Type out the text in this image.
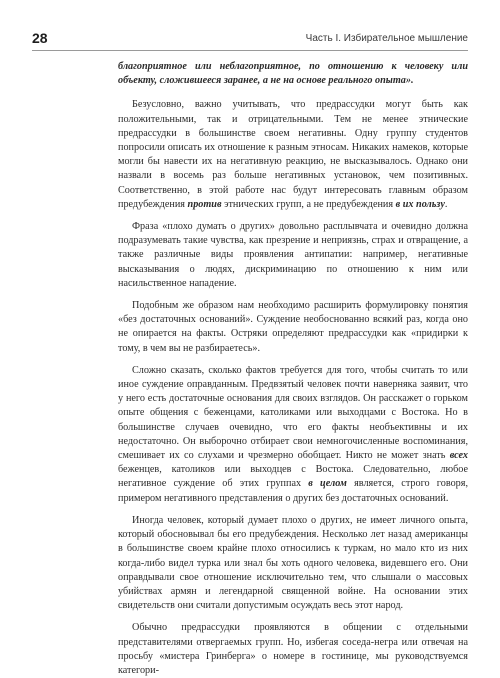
28	Часть I. Избирательное мышление

благоприятное или неблагоприятное, по отношению к человеку или объекту, сложившееся заранее, а не на основе реального опыта».

Безусловно, важно учитывать, что предрассудки могут быть как положительными, так и отрицательными. Тем не менее этнические предрассудки в большинстве своем негативны. Одну группу студентов попросили описать их отношение к разным этносам. Никаких намеков, которые могли бы навести их на негативную реакцию, не высказывалось. Однако они назвали в восемь раз больше негативных установок, чем позитивных. Соответственно, в этой работе нас будут интересовать главным образом предубеждения против этнических групп, а не предубеждения в их пользу.

Фраза «плохо думать о других» довольно расплывчата и очевидно должна подразумевать такие чувства, как презрение и неприязнь, страх и отвращение, а также различные виды проявления антипатии: например, негативные высказывания о людях, дискриминацию по отношению к ним или насильственное нападение.

Подобным же образом нам необходимо расширить формулировку понятия «без достаточных оснований». Суждение необоснованно всякий раз, когда оно не опирается на факты. Остряки определяют предрассудки как «придирки к тому, в чем вы не разбираетесь».

Сложно сказать, сколько фактов требуется для того, чтобы считать то или иное суждение оправданным. Предвзятый человек почти наверняка заявит, что у него есть достаточные основания для своих взглядов. Он расскажет о горьком опыте общения с беженцами, католиками или выходцами с Востока. Но в большинстве случаев очевидно, что его факты необъективны и их недостаточно. Он выборочно отбирает свои немногочисленные воспоминания, смешивает их со слухами и чрезмерно обобщает. Никто не может знать всех беженцев, католиков или выходцев с Востока. Следовательно, любое негативное суждение об этих группах в целом является, строго говоря, примером негативного представления о других без достаточных оснований.

Иногда человек, который думает плохо о других, не имеет личного опыта, который обосновывал бы его предубеждения. Несколько лет назад американцы в большинстве своем крайне плохо относились к туркам, но мало кто из них когда-либо видел турка или знал бы хоть одного человека, видевшего его. Они оправдывали свое отношение исключительно тем, что слышали о массовых убийствах армян и легендарной священной войне. На основании этих свидетельств они считали допустимым осуждать весь этот народ.

Обычно предрассудки проявляются в общении с отдельными представителями отвергаемых групп. Но, избегая соседа-негра или отвечая на просьбу «мистера Гринберга» о номере в гостинице, мы руководствуемся категори-
